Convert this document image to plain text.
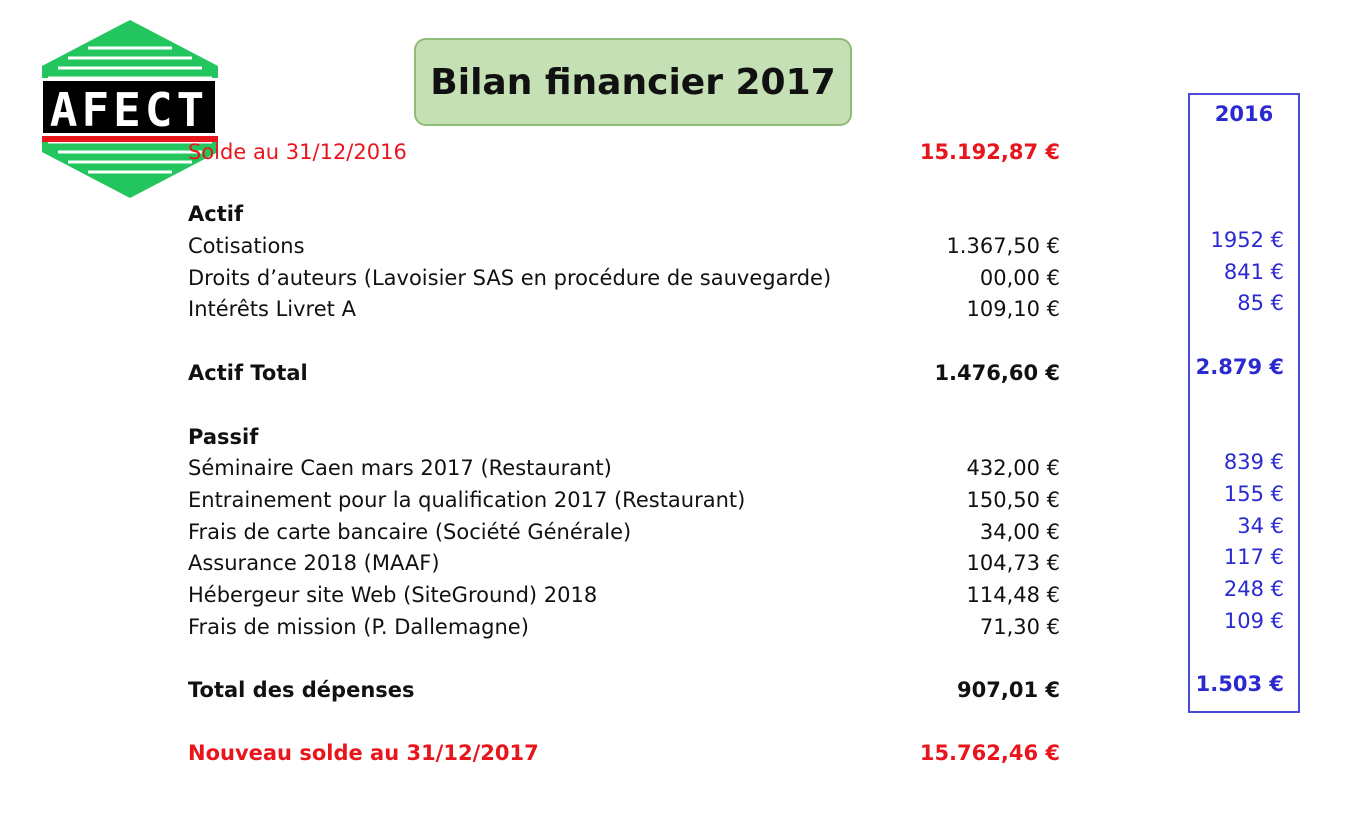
AFECT
Bilan financier 2017
2016
Solde au 31/12/2016	15.192,87 €
Actif
Cotisations	1.367,50 €	1952 €
Droits d’auteurs (Lavoisier SAS en procédure de sauvegarde)	00,00 €	841 €
Intérêts Livret A	109,10 €	85 €
Actif Total	1.476,60 €	2.879 €
Passif
Séminaire Caen mars 2017 (Restaurant)	432,00 €	839 €
Entrainement pour la qualification 2017 (Restaurant)	150,50 €	155 €
Frais de carte bancaire (Société Générale)	34,00 €	34 €
Assurance 2018 (MAAF)	104,73 €	117 €
Hébergeur site Web (SiteGround) 2018	114,48 €	248 €
Frais de mission (P. Dallemagne)	71,30 €	109 €
Total des dépenses	907,01 €	1.503 €
Nouveau solde au 31/12/2017	15.762,46 €
